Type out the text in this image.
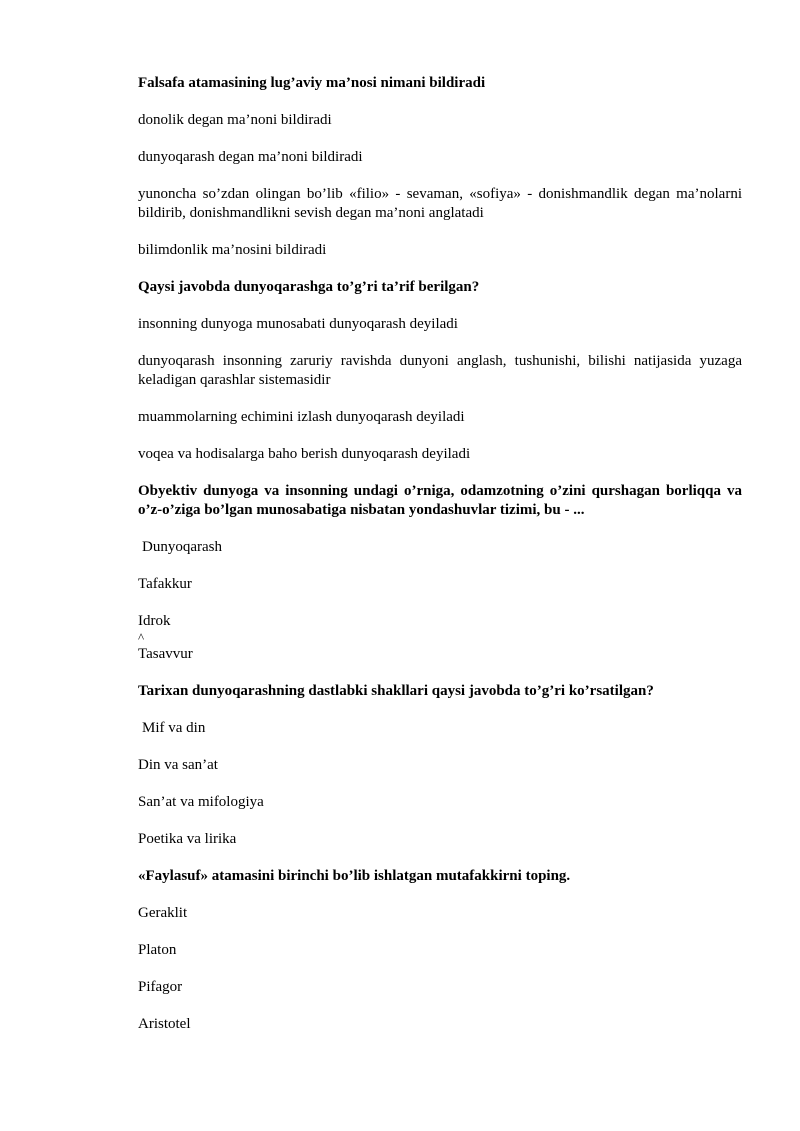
Falsafa atamasining lug’aviy ma’nosi nimani bildiradi

donolik degan ma’noni bildiradi

dunyoqarash degan ma’noni bildiradi

yunoncha so’zdan olingan bo’lib «filio» - sevaman, «sofiya» - donishmandlik degan ma’nolarni bildirib, donishmandlikni sevish degan ma’noni anglatadi

bilimdonlik ma’nosini bildiradi

Qaysi javobda dunyoqarashga to’g’ri ta’rif berilgan?

insonning dunyoga munosabati dunyoqarash deyiladi

dunyoqarash insonning zaruriy ravishda dunyoni anglash, tushunishi, bilishi natijasida yuzaga keladigan qarashlar sistemasidir

muammolarning echimini izlash dunyoqarash deyiladi

voqea va hodisalarga baho berish dunyoqarash deyiladi

Obyektiv dunyoga va insonning undagi o’rniga, odamzotning o’zini qurshagan borliqqa va o’z-o’ziga bo’lgan munosabatiga nisbatan yondashuvlar tizimi, bu - ...

Dunyoqarash

Tafakkur

Idrok

^

Tasavvur

Tarixan dunyoqarashning dastlabki shakllari qaysi javobda to’g’ri ko’rsatilgan?

Mif va din

Din va san’at

San’at va mifologiya

Poetika va lirika

«Faylasuf» atamasini birinchi bo’lib ishlatgan mutafakkirni toping.

Geraklit

Platon

Pifagor

Aristotel
